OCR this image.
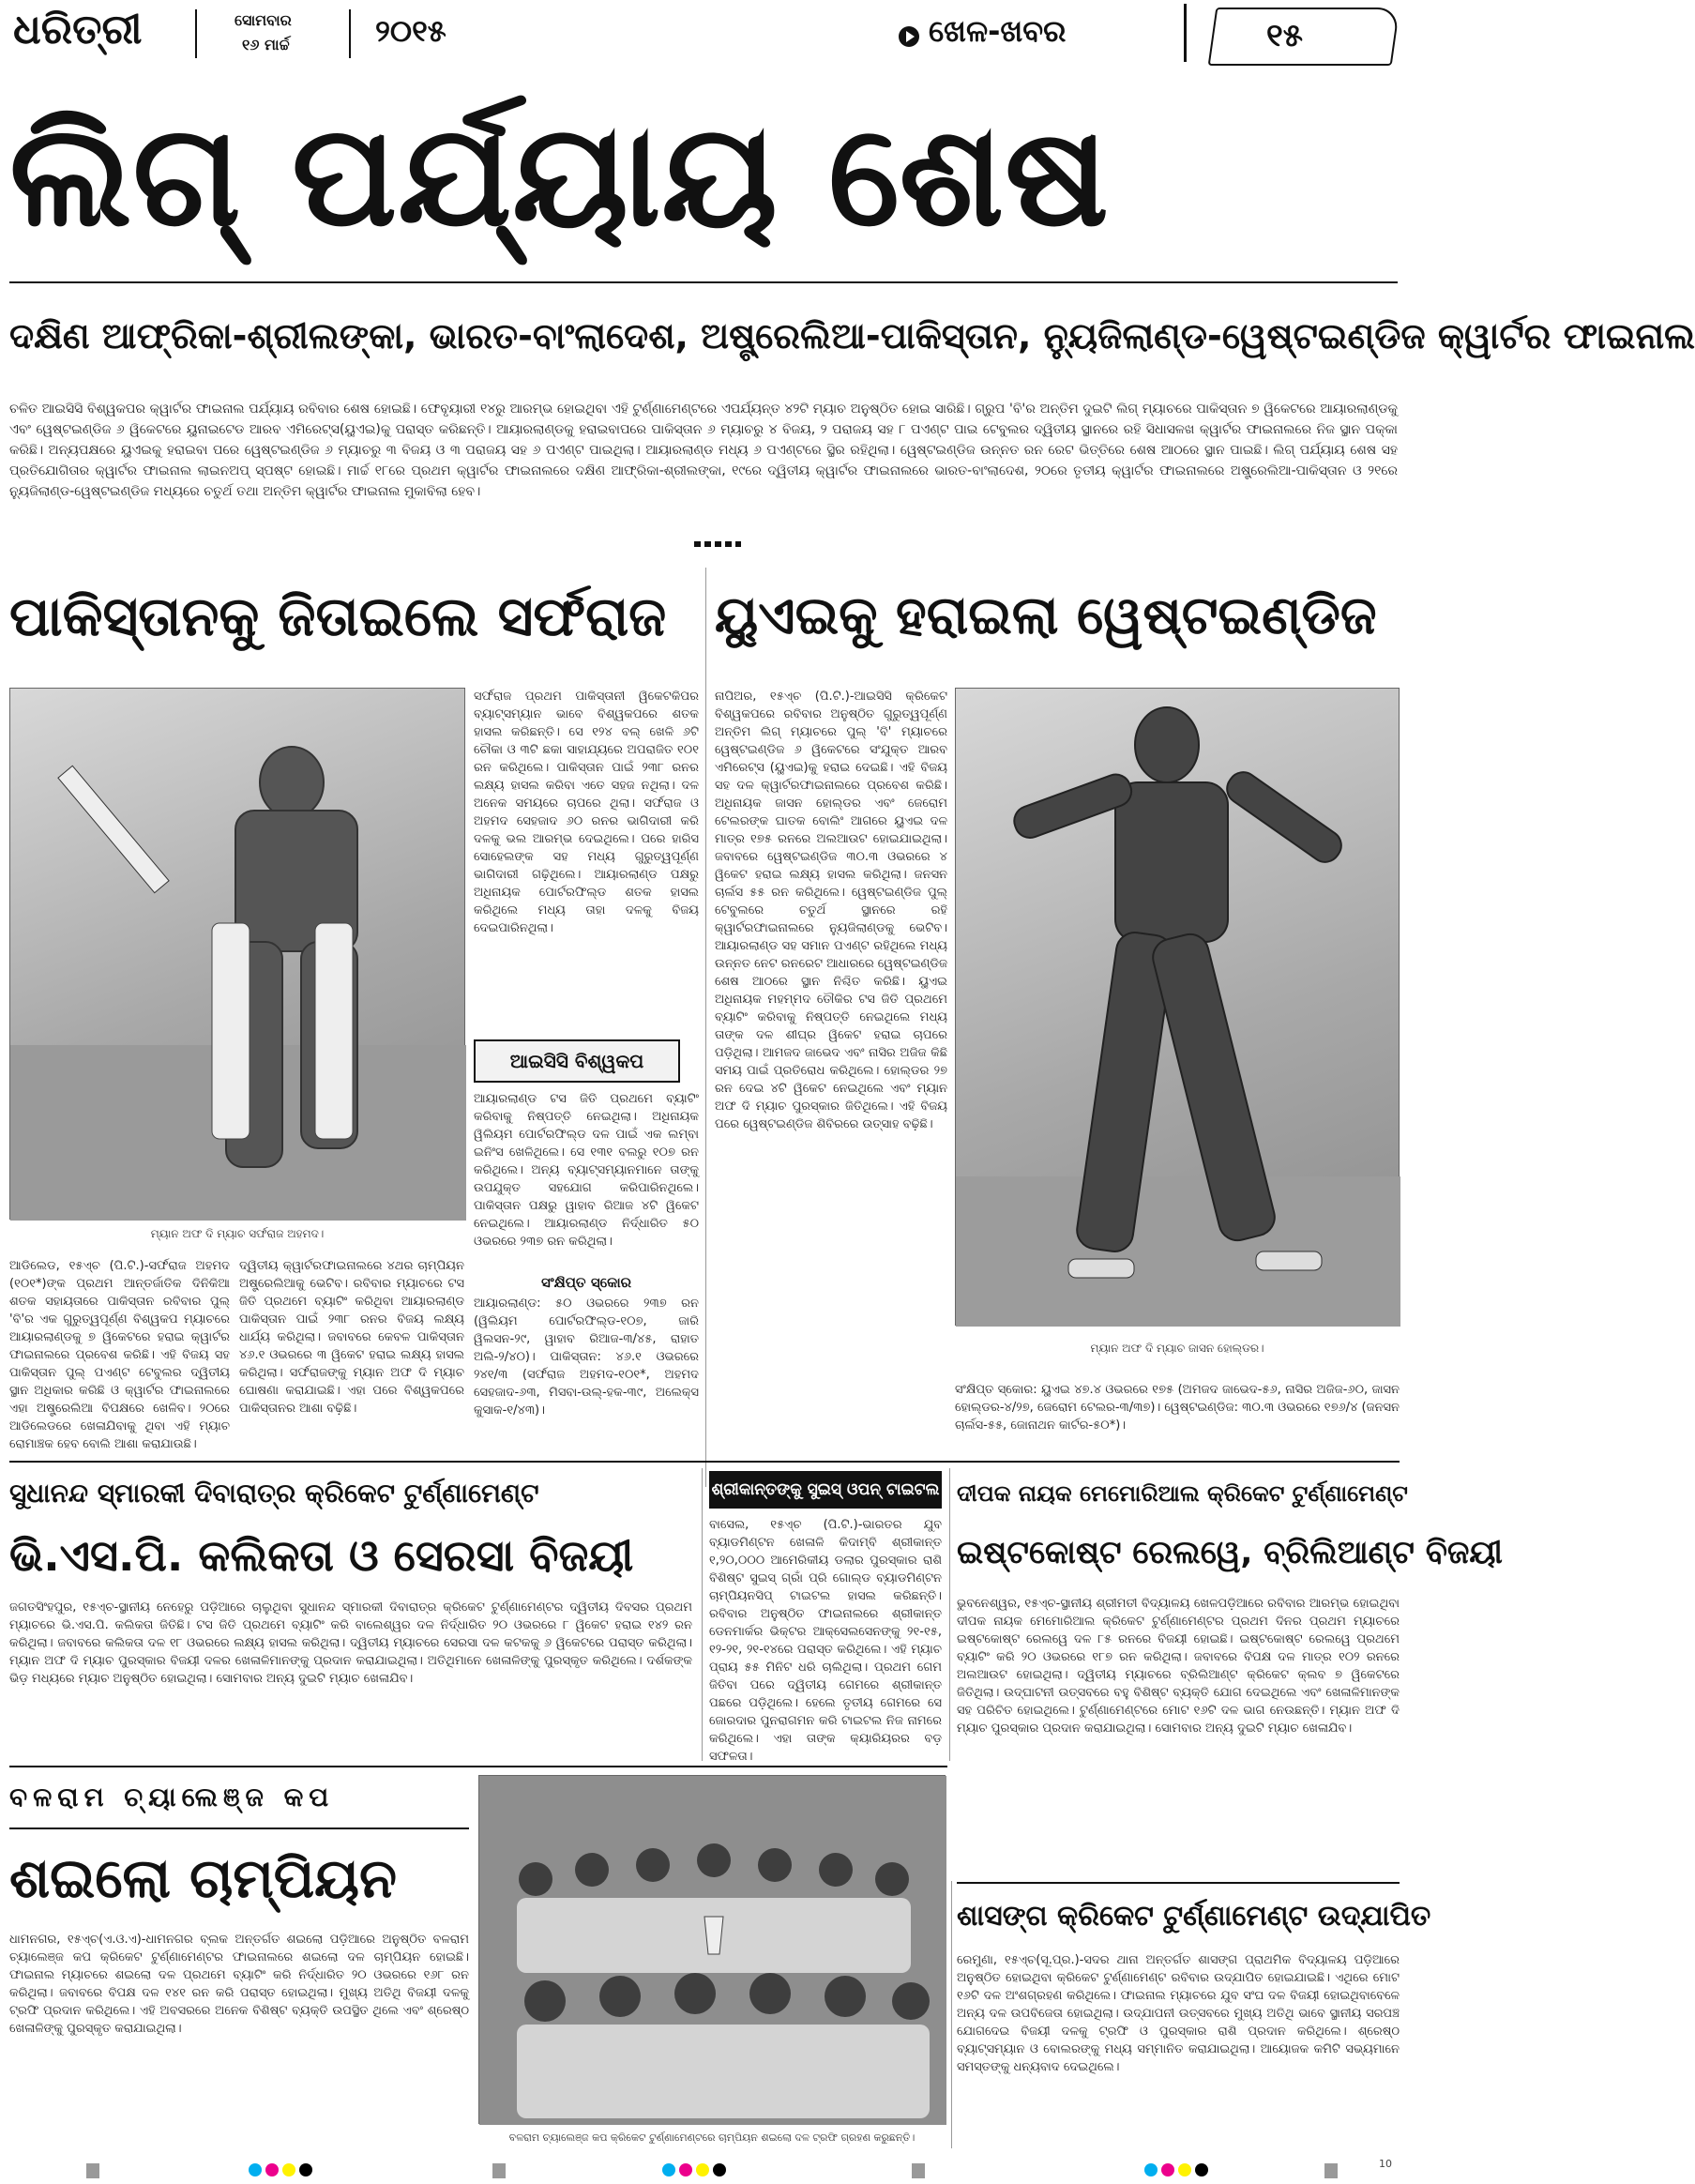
ଧରିତ୍ରୀ	ସୋମବାର
୧୬ ମାର୍ଚ୍ଚ	୨୦୧୫	ଖେଳ-ଖବର	୧୫
ଲିଗ୍ ପର୍ଯ୍ୟାୟ ଶେଷ
ଦକ୍ଷିଣ ଆଫ୍ରିକା-ଶ୍ରୀଲଙ୍କା, ଭାରତ-ବାଂଲାଦେଶ, ଅଷ୍ଟ୍ରେଲିଆ-ପାକିସ୍ତାନ, ନ୍ୟୁଜିଲାଣ୍ଡ-ୱେଷ୍ଟଇଣ୍ଡିଜ କ୍ୱାର୍ଟର ଫାଇନାଲ
ଚଳିତ ଆଇସିସି ବିଶ୍ୱକପର କ୍ୱାର୍ଟର ଫାଇନାଲ ପର୍ଯ୍ୟାୟ ରବିବାର ଶେଷ ହୋଇଛି। ଫେବୃୟାରୀ ୧୪ରୁ ଆରମ୍ଭ ହୋଇଥିବା ଏହି ଟୁର୍ଣ୍ଣାମେଣ୍ଟରେ ଏପର୍ଯ୍ୟନ୍ତ ୪୨ଟି ମ୍ୟାଚ ଅନୁଷ୍ଠିତ ହୋଇ ସାରିଛି। ଗ୍ରୁପ 'ବି'ର ଅନ୍ତିମ ଦୁଇଟି ଲିଗ୍ ମ୍ୟାଚରେ ପାକିସ୍ତାନ ୭ ୱିକେଟରେ ଆୟାରଲାଣ୍ଡକୁ ଏବଂ ୱେଷ୍ଟଇଣ୍ଡିଜ ୬ ୱିକେଟରେ ୟୁନାଇଟେଡ ଆରବ ଏମିରେଟ୍ସ(ୟୁଏଇ)କୁ ପରାସ୍ତ କରିଛନ୍ତି। ଆୟାରଲାଣ୍ଡକୁ ହରାଇବାପରେ ପାକିସ୍ତାନ ୬ ମ୍ୟାଚରୁ ୪ ବିଜୟ, ୨ ପରାଜୟ ସହ ୮ ପଏଣ୍ଟ ପାଇ ଟେବୁଲର ଦ୍ୱିତୀୟ ସ୍ଥାନରେ ରହି ସିଧାସଳଖ କ୍ୱାର୍ଟର ଫାଇନାଲରେ ନିଜ ସ୍ଥାନ ପକ୍କା କରିଛି। ଅନ୍ୟପକ୍ଷରେ ୟୁଏଇକୁ ହରାଇବା ପରେ ୱେଷ୍ଟଇଣ୍ଡିଜ ୬ ମ୍ୟାଚରୁ ୩ ବିଜୟ ଓ ୩ ପରାଜୟ ସହ ୬ ପଏଣ୍ଟ ପାଇଥିଲା। ଆୟାରଲାଣ୍ଡ ମଧ୍ୟ ୬ ପଏଣ୍ଟରେ ସ୍ଥିର ରହିଥିଲା। ୱେଷ୍ଟଇଣ୍ଡିଜ ଉନ୍ନତ ରନ ରେଟ ଭିତ୍ତିରେ ଶେଷ ଆଠରେ ସ୍ଥାନ ପାଇଛି। ଲିଗ୍ ପର୍ଯ୍ୟାୟ ଶେଷ ସହ ପ୍ରତିଯୋଗିତାର କ୍ୱାର୍ଟର ଫାଇନାଲ ଲାଇନଅପ୍ ସ୍ପଷ୍ଟ ହୋଇଛି। ମାର୍ଚ୍ଚ ୧୮ରେ ପ୍ରଥମ କ୍ୱାର୍ଟର ଫାଇନାଲରେ ଦକ୍ଷିଣ ଆଫ୍ରିକା-ଶ୍ରୀଲଙ୍କା, ୧୯ରେ ଦ୍ୱିତୀୟ କ୍ୱାର୍ଟର ଫାଇନାଲରେ ଭାରତ-ବାଂଲାଦେଶ, ୨୦ରେ ତୃତୀୟ କ୍ୱାର୍ଟର ଫାଇନାଲରେ ଅଷ୍ଟ୍ରେଲିଆ-ପାକିସ୍ତାନ ଓ ୨୧ରେ ନ୍ୟୁଜିଲାଣ୍ଡ-ୱେଷ୍ଟଇଣ୍ଡିଜ ମଧ୍ୟରେ ଚତୁର୍ଥ ତଥା ଅନ୍ତିମ କ୍ୱାର୍ଟର ଫାଇନାଲ ମୁକାବିଲା ହେବ।
ପାକିସ୍ତାନକୁ ଜିତାଇଲେ ସର୍ଫରାଜ
ମ୍ୟାନ ଅଫ ଦି ମ୍ୟାଚ ସର୍ଫରାଜ ଅହମଦ।
ସର୍ଫରାଜ ପ୍ରଥମ ପାକିସ୍ତାନୀ ୱିକେଟକିପର ବ୍ୟାଟ୍ସମ୍ୟାନ ଭାବେ ବିଶ୍ୱକପରେ ଶତକ ହାସଲ କରିଛନ୍ତି। ସେ ୧୨୪ ବଲ୍ ଖେଳି ୬ଟି ଚୌକା ଓ ୩ଟି ଛକା ସାହାଯ୍ୟରେ ଅପରାଜିତ ୧୦୧ ରନ କରିଥିଲେ। ପାକିସ୍ତାନ ପାଇଁ ୨୩୮ ରନର ଲକ୍ଷ୍ୟ ହାସଲ କରିବା ଏତେ ସହଜ ନଥିଲା। ଦଳ ଅନେକ ସମୟରେ ଚାପରେ ଥିଲା। ସର୍ଫରାଜ ଓ ଅହମଦ ସେହଜାଦ ୬୦ ରନର ଭାଗିଦାରୀ କରି ଦଳକୁ ଭଲ ଆରମ୍ଭ ଦେଇଥିଲେ। ପରେ ହାରିସ ସୋହେଲଙ୍କ ସହ ମଧ୍ୟ ଗୁରୁତ୍ୱପୂର୍ଣ୍ଣ ଭାଗିଦାରୀ ଗଢ଼ିଥିଲେ। ଆୟାରଲାଣ୍ଡ ପକ୍ଷରୁ ଅଧିନାୟକ ପୋର୍ଟରଫିଲ୍ଡ ଶତକ ହାସଲ କରିଥିଲେ ମଧ୍ୟ ତାହା ଦଳକୁ ବିଜୟ ଦେଇପାରିନଥିଲା।
ଆଇସିସି ବିଶ୍ୱକପ
ଆୟାରଲାଣ୍ଡ ଟସ ଜିତି ପ୍ରଥମେ ବ୍ୟାଟିଂ କରିବାକୁ ନିଷ୍ପତ୍ତି ନେଇଥିଲା। ଅଧିନାୟକ ୱିଲିୟମ ପୋର୍ଟରଫିଲ୍ଡ ଦଳ ପାଇଁ ଏକ ଲମ୍ବା ଇନିଂସ ଖେଳିଥିଲେ। ସେ ୧୩୧ ବଲରୁ ୧୦୭ ରନ କରିଥିଲେ। ଅନ୍ୟ ବ୍ୟାଟ୍ସମ୍ୟାନମାନେ ତାଙ୍କୁ ଉପଯୁକ୍ତ ସହଯୋଗ କରିପାରିନଥିଲେ। ପାକିସ୍ତାନ ପକ୍ଷରୁ ୱାହାବ ରିଆଜ ୪ଟି ୱିକେଟ ନେଇଥିଲେ। ଆୟାରଲାଣ୍ଡ ନିର୍ଦ୍ଧାରିତ ୫୦ ଓଭରରେ ୨୩୭ ରନ କରିଥିଲା।
ଆଡିଲେଡ, ୧୫ଏ୍ଚ (ପି.ଟି.)-ସର୍ଫରାଜ ଅହମଦ (୧୦୧*)ଙ୍କ ପ୍ରଥମ ଆନ୍ତର୍ଜାତିକ ଦିନିକିଆ ଶତକ ସହାୟତାରେ ପାକିସ୍ତାନ ରବିବାର ପୁଲ୍ 'ବି'ର ଏକ ଗୁରୁତ୍ୱପୂର୍ଣ୍ଣ ବିଶ୍ୱକପ ମ୍ୟାଚରେ ଆୟାରଲାଣ୍ଡକୁ ୭ ୱିକେଟରେ ହରାଇ କ୍ୱାର୍ଟର ଫାଇନାଲରେ ପ୍ରବେଶ କରିଛି। ଏହି ବିଜୟ ସହ ପାକିସ୍ତାନ ପୁଲ୍ ପଏଣ୍ଟ ଟେବୁଲର ଦ୍ୱିତୀୟ ସ୍ଥାନ ଅଧିକାର କରିଛି ଓ କ୍ୱାର୍ଟର ଫାଇନାଲରେ ଏହା ଅଷ୍ଟ୍ରେଲିଆ ବିପକ୍ଷରେ ଖେଳିବ। ୨୦ରେ ଆଡିଲେଡରେ ଖେଳାଯିବାକୁ ଥିବା ଏହି ମ୍ୟାଚ ରୋମାଞ୍ଚକ ହେବ ବୋଲି ଆଶା କରାଯାଉଛି।
ଦ୍ୱିତୀୟ କ୍ୱାର୍ଟରଫାଇନାଲରେ ୪ଥର ଚାମ୍ପିୟନ ଅଷ୍ଟ୍ରେଲିଆକୁ ଭେଟିବ। ରବିବାର ମ୍ୟାଚରେ ଟସ ଜିତି ପ୍ରଥମେ ବ୍ୟାଟିଂ କରିଥିବା ଆୟାରଲାଣ୍ଡ ପାକିସ୍ତାନ ପାଇଁ ୨୩୮ ରନର ବିଜୟ ଲକ୍ଷ୍ୟ ଧାର୍ଯ୍ୟ କରିଥିଲା। ଜବାବରେ କେବଳ ପାକିସ୍ତାନ ୪୬.୧ ଓଭରରେ ୩ ୱିକେଟ ହରାଇ ଲକ୍ଷ୍ୟ ହାସଲ କରିଥିଲା। ସର୍ଫରାଜଙ୍କୁ ମ୍ୟାନ ଅଫ ଦି ମ୍ୟାଚ ଘୋଷଣା କରାଯାଇଛି। ଏହା ପରେ ବିଶ୍ୱକପରେ ପାକିସ୍ତାନର ଆଶା ବଢ଼ିଛି।
ସଂକ୍ଷିପ୍ତ ସ୍କୋର
ଆୟାରଲାଣ୍ଡ: ୫୦ ଓଭରରେ ୨୩୭ ରନ (ୱିଲିୟମ ପୋର୍ଟରଫିଲ୍ଡ-୧୦୭, ଜାରି ୱିଲସନ-୨୯, ୱାହାବ ରିଆଜ-୩/୪୫, ରାହାତ ଅଲି-୨/୪୦)। ପାକିସ୍ତାନ: ୪୬.୧ ଓଭରରେ ୨୪୧/୩ (ସର୍ଫରାଜ ଅହମଦ-୧୦୧*, ଅହମଦ ସେହଜାଦ-୬୩, ମିସବା-ଉଲ୍-ହକ-୩୯, ଅଲେକ୍ସ କୁସାକ-୧/୪୩)।
ୟୁଏଇକୁ ହରାଇଲା ୱେଷ୍ଟଇଣ୍ଡିଜ
ନାପିଅର, ୧୫ଏ୍ଚ (ପି.ଟି.)-ଆଇସିସି କ୍ରିକେଟ ବିଶ୍ୱକପରେ ରବିବାର ଅନୁଷ୍ଠିତ ଗୁରୁତ୍ୱପୂର୍ଣ୍ଣ ଅନ୍ତିମ ଲିଗ୍ ମ୍ୟାଚରେ ପୁଲ୍ 'ବି' ମ୍ୟାଚରେ ୱେଷ୍ଟଇଣ୍ଡିଜ ୬ ୱିକେଟରେ ସଂଯୁକ୍ତ ଆରବ ଏମିରେଟ୍ସ (ୟୁଏଇ)କୁ ହରାଇ ଦେଇଛି। ଏହି ବିଜୟ ସହ ଦଳ କ୍ୱାର୍ଟରଫାଇନାଲରେ ପ୍ରବେଶ କରିଛି। ଅଧିନାୟକ ଜାସନ ହୋଲ୍ଡର ଏବଂ ଜେରୋମ ଟେଲରଙ୍କ ଘାତକ ବୋଲିଂ ଆଗରେ ୟୁଏଇ ଦଳ ମାତ୍ର ୧୭୫ ରନରେ ଅଲଆଉଟ ହୋଇଯାଇଥିଲା। ଜବାବରେ ୱେଷ୍ଟଇଣ୍ଡିଜ ୩୦.୩ ଓଭରରେ ୪ ୱିକେଟ ହରାଇ ଲକ୍ଷ୍ୟ ହାସଲ କରିଥିଲା। ଜନସନ ଚାର୍ଲସ ୫୫ ରନ କରିଥିଲେ। ୱେଷ୍ଟଇଣ୍ଡିଜ ପୁଲ୍ ଟେବୁଲରେ ଚତୁର୍ଥ ସ୍ଥାନରେ ରହି କ୍ୱାର୍ଟରଫାଇନାଲରେ ନ୍ୟୁଜିଲାଣ୍ଡକୁ ଭେଟିବ। ଆୟାରଲାଣ୍ଡ ସହ ସମାନ ପଏଣ୍ଟ ରହିଥିଲେ ମଧ୍ୟ ଉନ୍ନତ ନେଟ ରନରେଟ ଆଧାରରେ ୱେଷ୍ଟଇଣ୍ଡିଜ ଶେଷ ଆଠରେ ସ୍ଥାନ ନିଶ୍ଚିତ କରିଛି। ୟୁଏଇ ଅଧିନାୟକ ମହମ୍ମଦ ତୌକିର ଟସ ଜିତି ପ୍ରଥମେ ବ୍ୟାଟିଂ କରିବାକୁ ନିଷ୍ପତ୍ତି ନେଇଥିଲେ ମଧ୍ୟ ତାଙ୍କ ଦଳ ଶୀଘ୍ର ୱିକେଟ ହରାଇ ଚାପରେ ପଡ଼ିଥିଲା। ଆମଜଦ ଜାଭେଦ ଏବଂ ନାସିର ଅଜିଜ କିଛି ସମୟ ପାଇଁ ପ୍ରତିରୋଧ କରିଥିଲେ। ହୋଲ୍ଡର ୨୭ ରନ ଦେଇ ୪ଟି ୱିକେଟ ନେଇଥିଲେ ଏବଂ ମ୍ୟାନ ଅଫ ଦି ମ୍ୟାଚ ପୁରସ୍କାର ଜିତିଥିଲେ। ଏହି ବିଜୟ ପରେ ୱେଷ୍ଟଇଣ୍ଡିଜ ଶିବିରରେ ଉତ୍ସାହ ବଢ଼ିଛି।
ମ୍ୟାନ ଅଫ ଦି ମ୍ୟାଚ ଜାସନ ହୋଲ୍ଡର।
ସଂକ୍ଷିପ୍ତ ସ୍କୋର: ୟୁଏଇ ୪୭.୪ ଓଭରରେ ୧୭୫ (ଅମଜଦ ଜାଭେଦ-୫୬, ନାସିର ଅଜିଜ-୬୦, ଜାସନ ହୋଲ୍ଡର-୪/୨୭, ଜେରୋମ ଟେଲର-୩/୩୭)। ୱେଷ୍ଟଇଣ୍ଡିଜ: ୩୦.୩ ଓଭରରେ ୧୭୬/୪ (ଜନସନ ଚାର୍ଲସ-୫୫, ଜୋନାଥନ କାର୍ଟର-୫୦*)।
ସୁଧାନନ୍ଦ ସ୍ମାରକୀ ଦିବାରାତ୍ର କ୍ରିକେଟ ଟୁର୍ଣ୍ଣାମେଣ୍ଟ
ଭି.ଏସ.ପି. କଲିକତା ଓ ସେରସା ବିଜୟୀ
ଜଗତସିଂହପୁର, ୧୫ଏ୍ଚ-ସ୍ଥାନୀୟ ନେହେରୁ ପଡ଼ିଆରେ ଚାଲୁଥିବା ସୁଧାନନ୍ଦ ସ୍ମାରକୀ ଦିବାରାତ୍ର କ୍ରିକେଟ ଟୁର୍ଣ୍ଣାମେଣ୍ଟର ଦ୍ୱିତୀୟ ଦିବସର ପ୍ରଥମ ମ୍ୟାଚରେ ଭି.ଏସ.ପି. କଲିକତା ଜିତିଛି। ଟସ ଜିତି ପ୍ରଥମେ ବ୍ୟାଟିଂ କରି ବାଲେଶ୍ୱର ଦଳ ନିର୍ଦ୍ଧାରିତ ୨୦ ଓଭରରେ ୮ ୱିକେଟ ହରାଇ ୧୪୨ ରନ କରିଥିଲା। ଜବାବରେ କଲିକତା ଦଳ ୧୮ ଓଭରରେ ଲକ୍ଷ୍ୟ ହାସଲ କରିଥିଲା। ଦ୍ୱିତୀୟ ମ୍ୟାଚରେ ସେରସା ଦଳ କଟକକୁ ୬ ୱିକେଟରେ ପରାସ୍ତ କରିଥିଲା। ମ୍ୟାନ ଅଫ ଦି ମ୍ୟାଚ ପୁରସ୍କାର ବିଜୟୀ ଦଳର ଖେଳାଳିମାନଙ୍କୁ ପ୍ରଦାନ କରାଯାଇଥିଲା। ଅତିଥିମାନେ ଖେଳାଳିଙ୍କୁ ପୁରସ୍କୃତ କରିଥିଲେ। ଦର୍ଶକଙ୍କ ଭିଡ଼ ମଧ୍ୟରେ ମ୍ୟାଚ ଅନୁଷ୍ଠିତ ହୋଇଥିଲା। ସୋମବାର ଅନ୍ୟ ଦୁଇଟି ମ୍ୟାଚ ଖେଳାଯିବ।
ଶ୍ରୀକାନ୍ତଙ୍କୁ ସୁଇସ୍ ଓପନ୍ ଟାଇଟଲ
ବାସେଲ, ୧୫ଏ୍ଚ (ପି.ଟି.)-ଭାରତର ଯୁବ ବ୍ୟାଡମିଣ୍ଟନ ଖେଳାଳି କିଦାମ୍ବି ଶ୍ରୀକାନ୍ତ ୧,୨୦,୦୦୦ ଆମେରିକୀୟ ଡଲାର ପୁରସ୍କାର ରାଶି ବିଶିଷ୍ଟ ସୁଇସ୍ ଗ୍ରାଁ ପ୍ରି ଗୋଲ୍ଡ ବ୍ୟାଡମିଣ୍ଟନ ଚାମ୍ପିୟନସିପ୍ ଟାଇଟଲ ହାସଲ କରିଛନ୍ତି। ରବିବାର ଅନୁଷ୍ଠିତ ଫାଇନାଲରେ ଶ୍ରୀକାନ୍ତ ଡେନମାର୍କର ଭିକ୍ଟର ଆକ୍ସେଲସେନଙ୍କୁ ୨୧-୧୫, ୧୨-୨୧, ୨୧-୧୪ରେ ପରାସ୍ତ କରିଥିଲେ। ଏହି ମ୍ୟାଚ ପ୍ରାୟ ୫୫ ମିନିଟ ଧରି ଚାଲିଥିଲା। ପ୍ରଥମ ଗେମ ଜିତିବା ପରେ ଦ୍ୱିତୀୟ ଗେମରେ ଶ୍ରୀକାନ୍ତ ପଛରେ ପଡ଼ିଥିଲେ। ହେଲେ ତୃତୀୟ ଗେମରେ ସେ ଜୋରଦାର ପୁନରାଗମନ କରି ଟାଇଟଲ ନିଜ ନାମରେ କରିଥିଲେ। ଏହା ତାଙ୍କ କ୍ୟାରିୟରର ବଡ଼ ସଫଳତା।
ଦୀପକ ନାୟକ ମେମୋରିଆଲ କ୍ରିକେଟ ଟୁର୍ଣ୍ଣାମେଣ୍ଟ
ଇଷ୍ଟକୋଷ୍ଟ ରେଲୱେ, ବ୍ରିଲିଆଣ୍ଟ ବିଜୟୀ
ଭୁବନେଶ୍ୱର, ୧୫ଏ୍ଚ-ସ୍ଥାନୀୟ ଶ୍ରୀମତୀ ବିଦ୍ୟାଳୟ ଖେଳପଡ଼ିଆରେ ରବିବାର ଆରମ୍ଭ ହୋଇଥିବା ଦୀପକ ନାୟକ ମେମୋରିଆଲ କ୍ରିକେଟ ଟୁର୍ଣ୍ଣାମେଣ୍ଟର ପ୍ରଥମ ଦିନର ପ୍ରଥମ ମ୍ୟାଚରେ ଇଷ୍ଟକୋଷ୍ଟ ରେଲୱେ ଦଳ ୮୫ ରନରେ ବିଜୟୀ ହୋଇଛି। ଇଷ୍ଟକୋଷ୍ଟ ରେଲୱେ ପ୍ରଥମେ ବ୍ୟାଟିଂ କରି ୨୦ ଓଭରରେ ୧୮୭ ରନ କରିଥିଲା। ଜବାବରେ ବିପକ୍ଷ ଦଳ ମାତ୍ର ୧୦୨ ରନରେ ଅଲଆଉଟ ହୋଇଥିଲା। ଦ୍ୱିତୀୟ ମ୍ୟାଚରେ ବ୍ରିଲିଆଣ୍ଟ କ୍ରିକେଟ କ୍ଲବ ୭ ୱିକେଟରେ ଜିତିଥିଲା। ଉଦ୍‌ଘାଟନୀ ଉତ୍ସବରେ ବହୁ ବିଶିଷ୍ଟ ବ୍ୟକ୍ତି ଯୋଗ ଦେଇଥିଲେ ଏବଂ ଖେଳାଳିମାନଙ୍କ ସହ ପରିଚିତ ହୋଇଥିଲେ। ଟୁର୍ଣ୍ଣାମେଣ୍ଟରେ ମୋଟ ୧୬ଟି ଦଳ ଭାଗ ନେଉଛନ୍ତି। ମ୍ୟାନ ଅଫ ଦି ମ୍ୟାଚ ପୁରସ୍କାର ପ୍ରଦାନ କରାଯାଇଥିଲା। ସୋମବାର ଅନ୍ୟ ଦୁଇଟି ମ୍ୟାଚ ଖେଳାଯିବ।
ବଳରାମ ଚ୍ୟାଲେଞ୍ଜ କପ
ଶଇଲୋ ଚାମ୍ପିୟନ
ଧାମନଗର, ୧୫ଏ୍ଚ(ଏ.ଓ.ଏ)-ଧାମନଗର ବ୍ଲକ ଅନ୍ତର୍ଗତ ଶଇଲୋ ପଡ଼ିଆରେ ଅନୁଷ୍ଠିତ ବଳରାମ ଚ୍ୟାଲେଞ୍ଜ କପ କ୍ରିକେଟ ଟୁର୍ଣ୍ଣାମେଣ୍ଟର ଫାଇନାଲରେ ଶଇଲୋ ଦଳ ଚାମ୍ପିୟନ ହୋଇଛି। ଫାଇନାଲ ମ୍ୟାଚରେ ଶଇଲୋ ଦଳ ପ୍ରଥମେ ବ୍ୟାଟିଂ କରି ନିର୍ଦ୍ଧାରିତ ୨୦ ଓଭରରେ ୧୬୮ ରନ କରିଥିଲା। ଜବାବରେ ବିପକ୍ଷ ଦଳ ୧୪୧ ରନ କରି ପରାସ୍ତ ହୋଇଥିଲା। ମୁଖ୍ୟ ଅତିଥି ବିଜୟୀ ଦଳକୁ ଟ୍ରଫି ପ୍ରଦାନ କରିଥିଲେ। ଏହି ଅବସରରେ ଅନେକ ବିଶିଷ୍ଟ ବ୍ୟକ୍ତି ଉପସ୍ଥିତ ଥିଲେ ଏବଂ ଶ୍ରେଷ୍ଠ ଖେଳାଳିଙ୍କୁ ପୁରସ୍କୃତ କରାଯାଇଥିଲା।
ବଳରାମ ଚ୍ୟାଲେଞ୍ଜ କପ କ୍ରିକେଟ ଟୁର୍ଣ୍ଣାମେଣ୍ଟରେ ଚାମ୍ପିୟନ ଶଇଲୋ ଦଳ ଟ୍ରଫି ଗ୍ରହଣ କରୁଛନ୍ତି।
ଶାସଙ୍ଗ କ୍ରିକେଟ ଟୁର୍ଣ୍ଣାମେଣ୍ଟ ଉଦ୍‌ଯାପିତ
ରେମୁଣା, ୧୫ଏ୍ଚ(ସୂ.ପ୍ର.)-ସଦର ଥାନା ଅନ୍ତର୍ଗତ ଶାସଙ୍ଗ ପ୍ରାଥମିକ ବିଦ୍ୟାଳୟ ପଡ଼ିଆରେ ଅନୁଷ୍ଠିତ ହୋଇଥିବା କ୍ରିକେଟ ଟୁର୍ଣ୍ଣାମେଣ୍ଟ ରବିବାର ଉଦ୍‌ଯାପିତ ହୋଇଯାଇଛି। ଏଥିରେ ମୋଟ ୧୬ଟି ଦଳ ଅଂଶଗ୍ରହଣ କରିଥିଲେ। ଫାଇନାଲ ମ୍ୟାଚରେ ଯୁବ ସଂଘ ଦଳ ବିଜୟୀ ହୋଇଥିବାବେଳେ ଅନ୍ୟ ଦଳ ଉପବିଜେତା ହୋଇଥିଲା। ଉଦ୍‌ଯାପନୀ ଉତ୍ସବରେ ମୁଖ୍ୟ ଅତିଥି ଭାବେ ସ୍ଥାନୀୟ ସରପଞ୍ଚ ଯୋଗଦେଇ ବିଜୟୀ ଦଳକୁ ଟ୍ରଫି ଓ ପୁରସ୍କାର ରାଶି ପ୍ରଦାନ କରିଥିଲେ। ଶ୍ରେଷ୍ଠ ବ୍ୟାଟ୍ସମ୍ୟାନ ଓ ବୋଲରଙ୍କୁ ମଧ୍ୟ ସମ୍ମାନିତ କରାଯାଇଥିଲା। ଆୟୋଜକ କମିଟି ସଭ୍ୟମାନେ ସମସ୍ତଙ୍କୁ ଧନ୍ୟବାଦ ଦେଇଥିଲେ।
10
